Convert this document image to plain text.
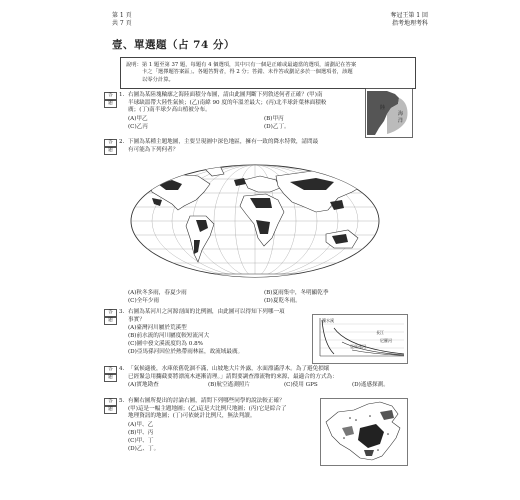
第 1 頁
共 7 頁
奪冠王第 1 回
指考地理考科
壹、單選題（占 74 分）
說明：第 1 題至第 37 題，每題有 4 個選項，其中只有一個是正確或最適當的選項，請劃記在答案
卡之「選擇題答案區」。各題答對者，得 2 分；答錯、未作答或劃記多於一個選項者，該題
以零分計算。
答
題
1. 右圖為某陸塊輪廓之海陸面積分布圖，請由此圖判斷下列敘述何者正確？(甲)南
半球缺溫帶大陸性氣候；(乙)南緯 90 度的年溫差最大；(丙)北半球針葉林面積較
廣；(丁)南半球少高山植被分布。
(A)甲乙	(B)甲丙
(C)乙丙	(D)乙丁。
陸
海
洋
答
題
2. 下圖為某種主題地圖，主要呈現圖中深色地區，擁有一致的降水特徵，請問最
有可能為下列何者？
(A)秋冬多雨，春夏少雨	(B)夏雨集中，冬明顯乾季
(C)全年少雨	(D)夏乾冬雨。
答
題
3. 右圖為某河川之河源剖面的比例圖，由此圖可以得知下列哪一項
事實？
(A)臺灣河川屬於荒溪型
(B)前水流的河川屬度較短流河大
(C)圖中發文溪流度約為 0.8%
(D)亞馬孫河因位於熱帶雨林區，故流域最廣。
濁水溪
長江
尼羅河
亞馬孫河
答
題
4. 「氣候適後，水庫依舊乾涸不滿，山坡地大片外露，水面漂滿浮木。為了避免損壞
已經緊急用攔截要將漂流木逐漸清理。」請問要調查漂流物的來源，最適合的方式為：
(A)實地勘查	(B)航空遙測照片	(C)使用 GPS	(D)遙感探測。
答
題
5. 有關右圖所提出的討論右圖，請問下列哪些同學的說法較正確？
(甲)這是一幅主題地圖；(乙)這是大比例尺地圖；(丙)它是綜合了
地理資訊的地圖；(丁)可依統計比例尺，無法判讀。
(A)甲、乙
(B)甲、丙
(C)甲、丁
(D)乙、丁。
